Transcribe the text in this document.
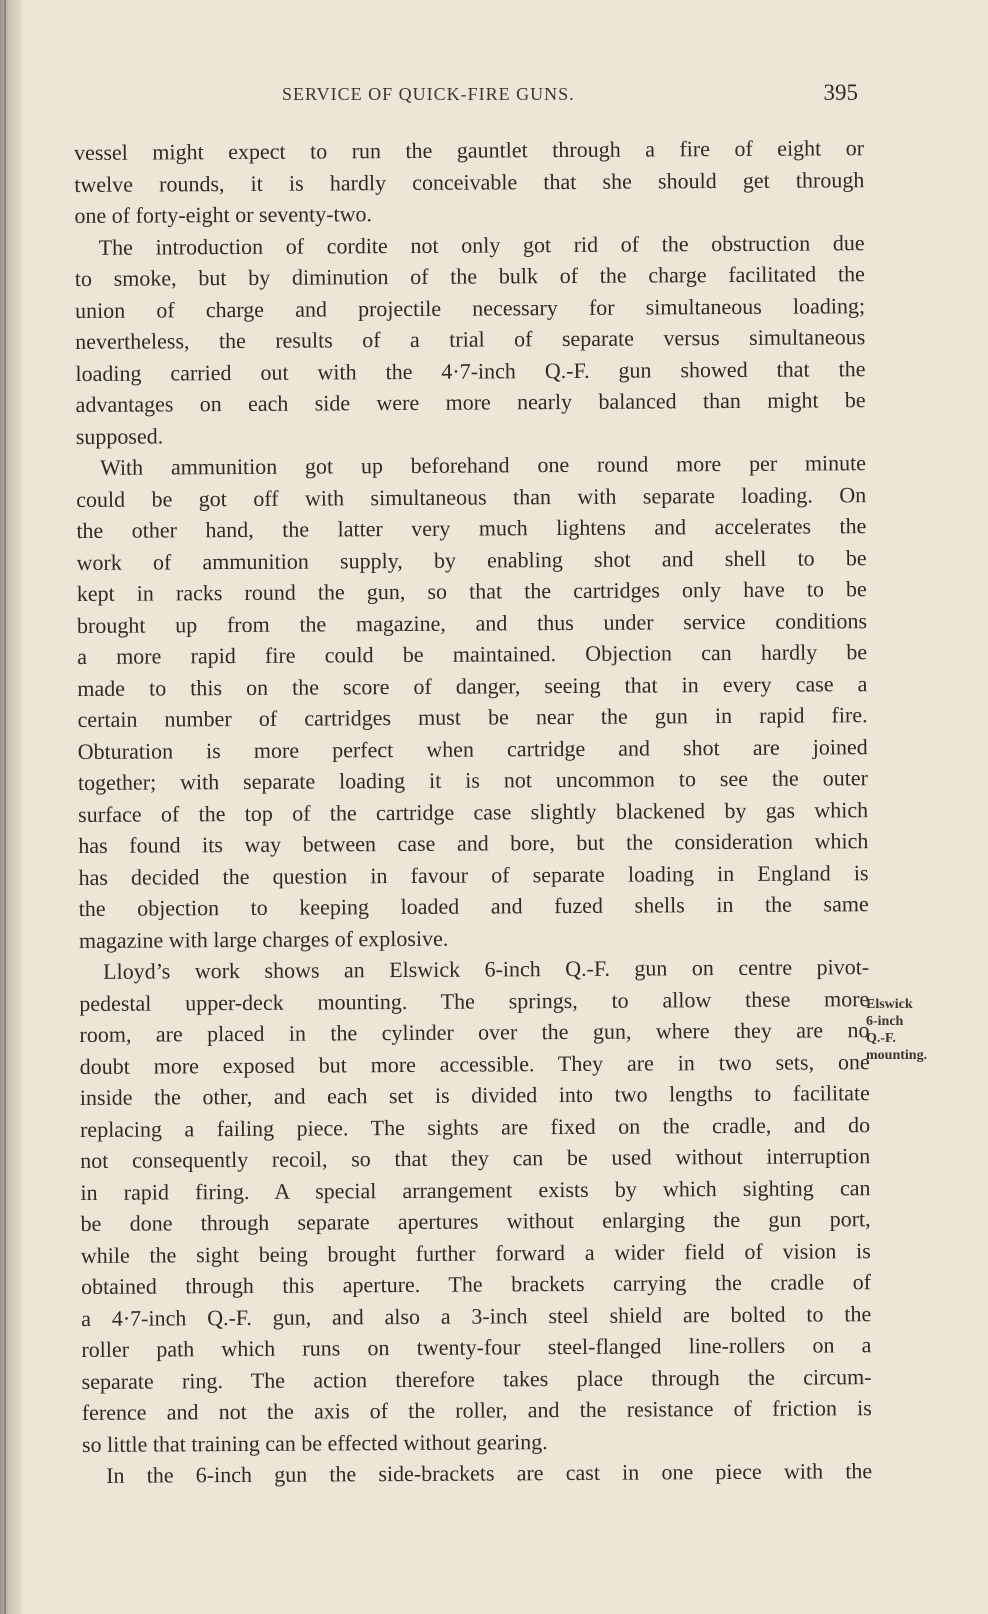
SERVICE OF QUICK-FIRE GUNS.	395
vessel might expect to run the gauntlet through a fire of eight or
twelve rounds, it is hardly conceivable that she should get through
one of forty-eight or seventy-two.
The introduction of cordite not only got rid of the obstruction due
to smoke, but by diminution of the bulk of the charge facilitated the
union of charge and projectile necessary for simultaneous loading;
nevertheless, the results of a trial of separate versus simultaneous
loading carried out with the 4·7-inch Q.-F. gun showed that the
advantages on each side were more nearly balanced than might be
supposed.
With ammunition got up beforehand one round more per minute
could be got off with simultaneous than with separate loading. On
the other hand, the latter very much lightens and accelerates the
work of ammunition supply, by enabling shot and shell to be
kept in racks round the gun, so that the cartridges only have to be
brought up from the magazine, and thus under service conditions
a more rapid fire could be maintained. Objection can hardly be
made to this on the score of danger, seeing that in every case a
certain number of cartridges must be near the gun in rapid fire.
Obturation is more perfect when cartridge and shot are joined
together; with separate loading it is not uncommon to see the outer
surface of the top of the cartridge case slightly blackened by gas which
has found its way between case and bore, but the consideration which
has decided the question in favour of separate loading in England is
the objection to keeping loaded and fuzed shells in the same
magazine with large charges of explosive.
Lloyd’s work shows an Elswick 6-inch Q.-F. gun on centre pivot-
pedestal upper-deck mounting. The springs, to allow these more
room, are placed in the cylinder over the gun, where they are no
doubt more exposed but more accessible. They are in two sets, one
inside the other, and each set is divided into two lengths to facilitate
replacing a failing piece. The sights are fixed on the cradle, and do
not consequently recoil, so that they can be used without interruption
in rapid firing. A special arrangement exists by which sighting can
be done through separate apertures without enlarging the gun port,
while the sight being brought further forward a wider field of vision is
obtained through this aperture. The brackets carrying the cradle of
a 4·7-inch Q.-F. gun, and also a 3-inch steel shield are bolted to the
roller path which runs on twenty-four steel-flanged line-rollers on a
separate ring. The action therefore takes place through the circum-
ference and not the axis of the roller, and the resistance of friction is
so little that training can be effected without gearing.
In the 6-inch gun the side-brackets are cast in one piece with the
Elswick
6-inch
Q.-F.
mounting.
